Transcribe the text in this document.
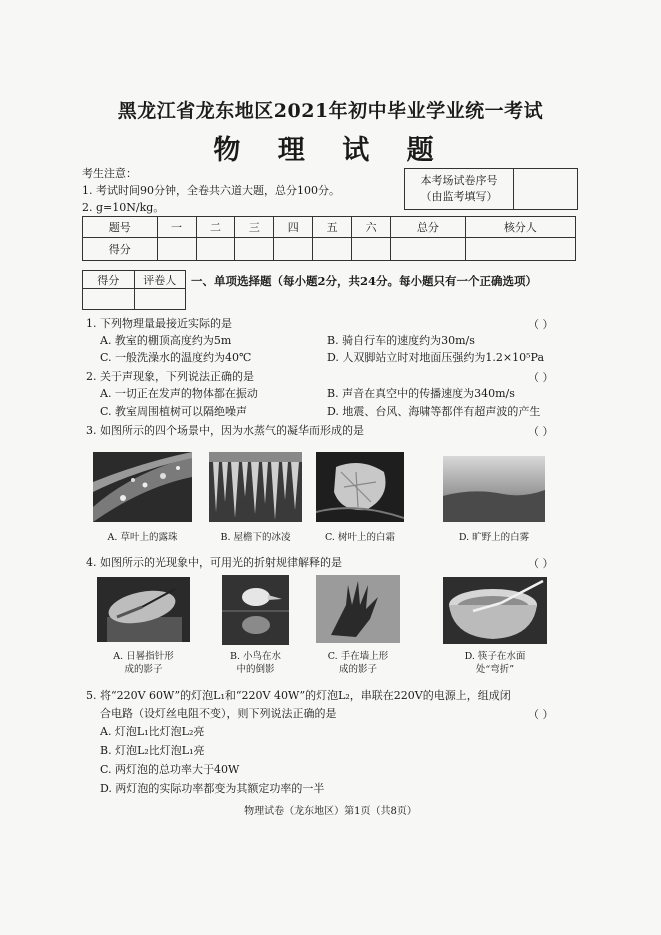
黑龙江省龙东地区2021年初中毕业学业统一考试
物 理 试 题
考生注意：
1. 考试时间90分钟，全卷共六道大题，总分100分。
2. g=10N/kg。
本考场试卷序号
（由监考填写）
题号	一	二	三	四	五	六	总分	核分人
得分								
得分	评卷人
	一、单项选择题（每小题2分，共24分。每小题只有一个正确选项）
1. 下列物理量最接近实际的是	（ ）
A. 教室的棚顶高度约为5m	B. 骑自行车的速度约为30m/s
C. 一般洗澡水的温度约为40℃	D. 人双脚站立时对地面压强约为1.2×10⁵Pa
2. 关于声现象，下列说法正确的是	（ ）
A. 一切正在发声的物体都在振动	B. 声音在真空中的传播速度为340m/s
C. 教室周围植树可以隔绝噪声	D. 地震、台风、海啸等都伴有超声波的产生
3. 如图所示的四个场景中，因为水蒸气的凝华而形成的是	（ ）
A. 草叶上的露珠	B. 屋檐下的冰凌	C. 树叶上的白霜	D. 旷野上的白雾
4. 如图所示的光现象中，可用光的折射规律解释的是	（ ）
A. 日晷指针形
成的影子
B. 小鸟在水
中的倒影
C. 手在墙上形
成的影子
D. 筷子在水面
处“弯折”
5. 将“220V 60W”的灯泡L₁和“220V 40W”的灯泡L₂，串联在220V的电源上，组成闭
合电路（设灯丝电阻不变），则下列说法正确的是	（ ）
A. 灯泡L₁比灯泡L₂亮
B. 灯泡L₂比灯泡L₁亮
C. 两灯泡的总功率大于40W
D. 两灯泡的实际功率都变为其额定功率的一半
物理试卷（龙东地区）第1页（共8页）
